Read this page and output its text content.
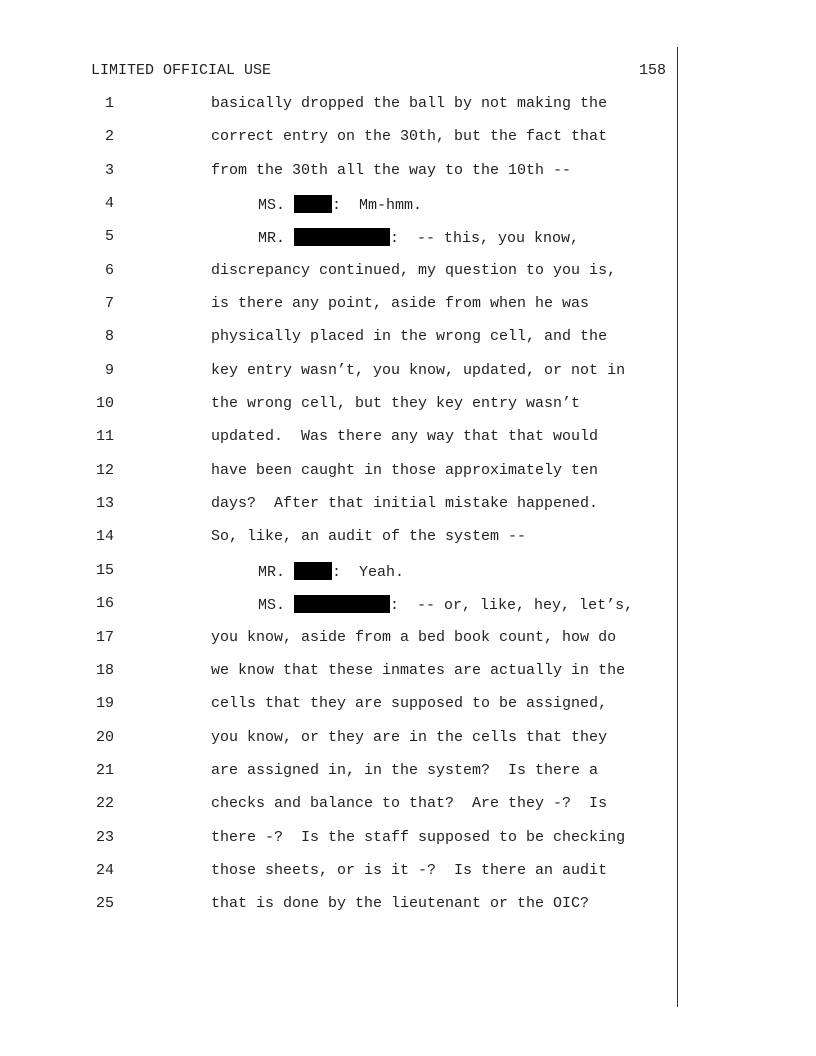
LIMITED OFFICIAL USE	158
1	basically dropped the ball by not making the
2	correct entry on the 30th, but the fact that
3	from the 30th all the way to the 10th --
4	MS.	:  Mm-hmm.
5	MR.	:  -- this, you know,
6	discrepancy continued, my question to you is,
7	is there any point, aside from when he was
8	physically placed in the wrong cell, and the
9	key entry wasn’t, you know, updated, or not in
10	the wrong cell, but they key entry wasn’t
11	updated.  Was there any way that that would
12	have been caught in those approximately ten
13	days?  After that initial mistake happened.
14	So, like, an audit of the system --
15	MR.	:  Yeah.
16	MS.	:  -- or, like, hey, let’s,
17	you know, aside from a bed book count, how do
18	we know that these inmates are actually in the
19	cells that they are supposed to be assigned,
20	you know, or they are in the cells that they
21	are assigned in, in the system?  Is there a
22	checks and balance to that?  Are they -?  Is
23	there -?  Is the staff supposed to be checking
24	those sheets, or is it -?  Is there an audit
25	that is done by the lieutenant or the OIC?
